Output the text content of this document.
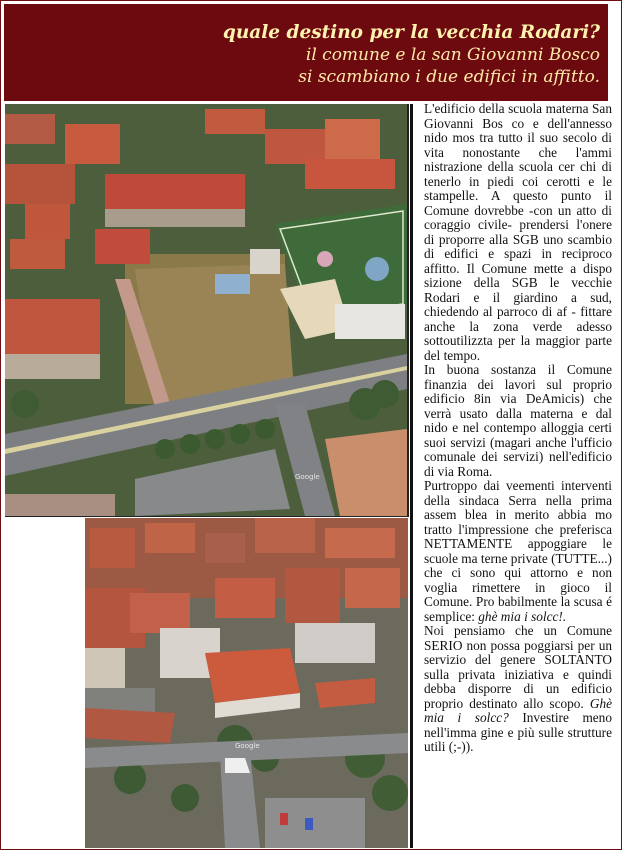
quale destino per la vecchia Rodari?
il comune e la san Giovanni Bosco
si scambiano i due edifici in affitto.
Google
Google

L'edificio della scuola materna San Giovanni Bos co e dell'annesso nido mos tra tutto il suo secolo di vita nonostante che l'ammi nistrazione della scuola cer chi di tenerlo in piedi coi cerotti e le stampelle. A questo punto il Comune dovrebbe -con un atto di coraggio civile- prendersi l'onere di proporre alla SGB uno scambio di edifici e spazi in reciproco affitto. Il Comune mette a dispo sizione della SGB le vecchie Rodari e il giardino a sud, chiedendo al parroco di af - fittare anche la zona verde adesso sottoutilizzta per la maggior parte del tempo.

In buona sostanza il Comune finanzia dei lavori sul proprio edificio 8in via DeAmicis) che verrà usato dalla materna e dal nido e nel contempo alloggia certi suoi servizi (magari anche l'ufficio comunale dei servizi) nell'edificio di via Roma.

Purtroppo dai veementi interventi della sindaca Serra nella prima assem blea in merito abbia mo tratto l'impressione che preferisca NETTAMENTE appoggiare le scuole ma terne private (TUTTE...) che ci sono qui attorno e non voglia rimettere in gioco il Comune. Pro babilmente la scusa é semplice: ghè mia i solcc!.

Noi pensiamo che un Comune SERIO non possa poggiarsi per un servizio del genere SOLTANTO sulla privata iniziativa e quindi debba disporre di un edificio proprio destinato allo scopo. Ghè mia i solcc? Investire meno nell'imma gine e più sulle strutture utili (;-)).
